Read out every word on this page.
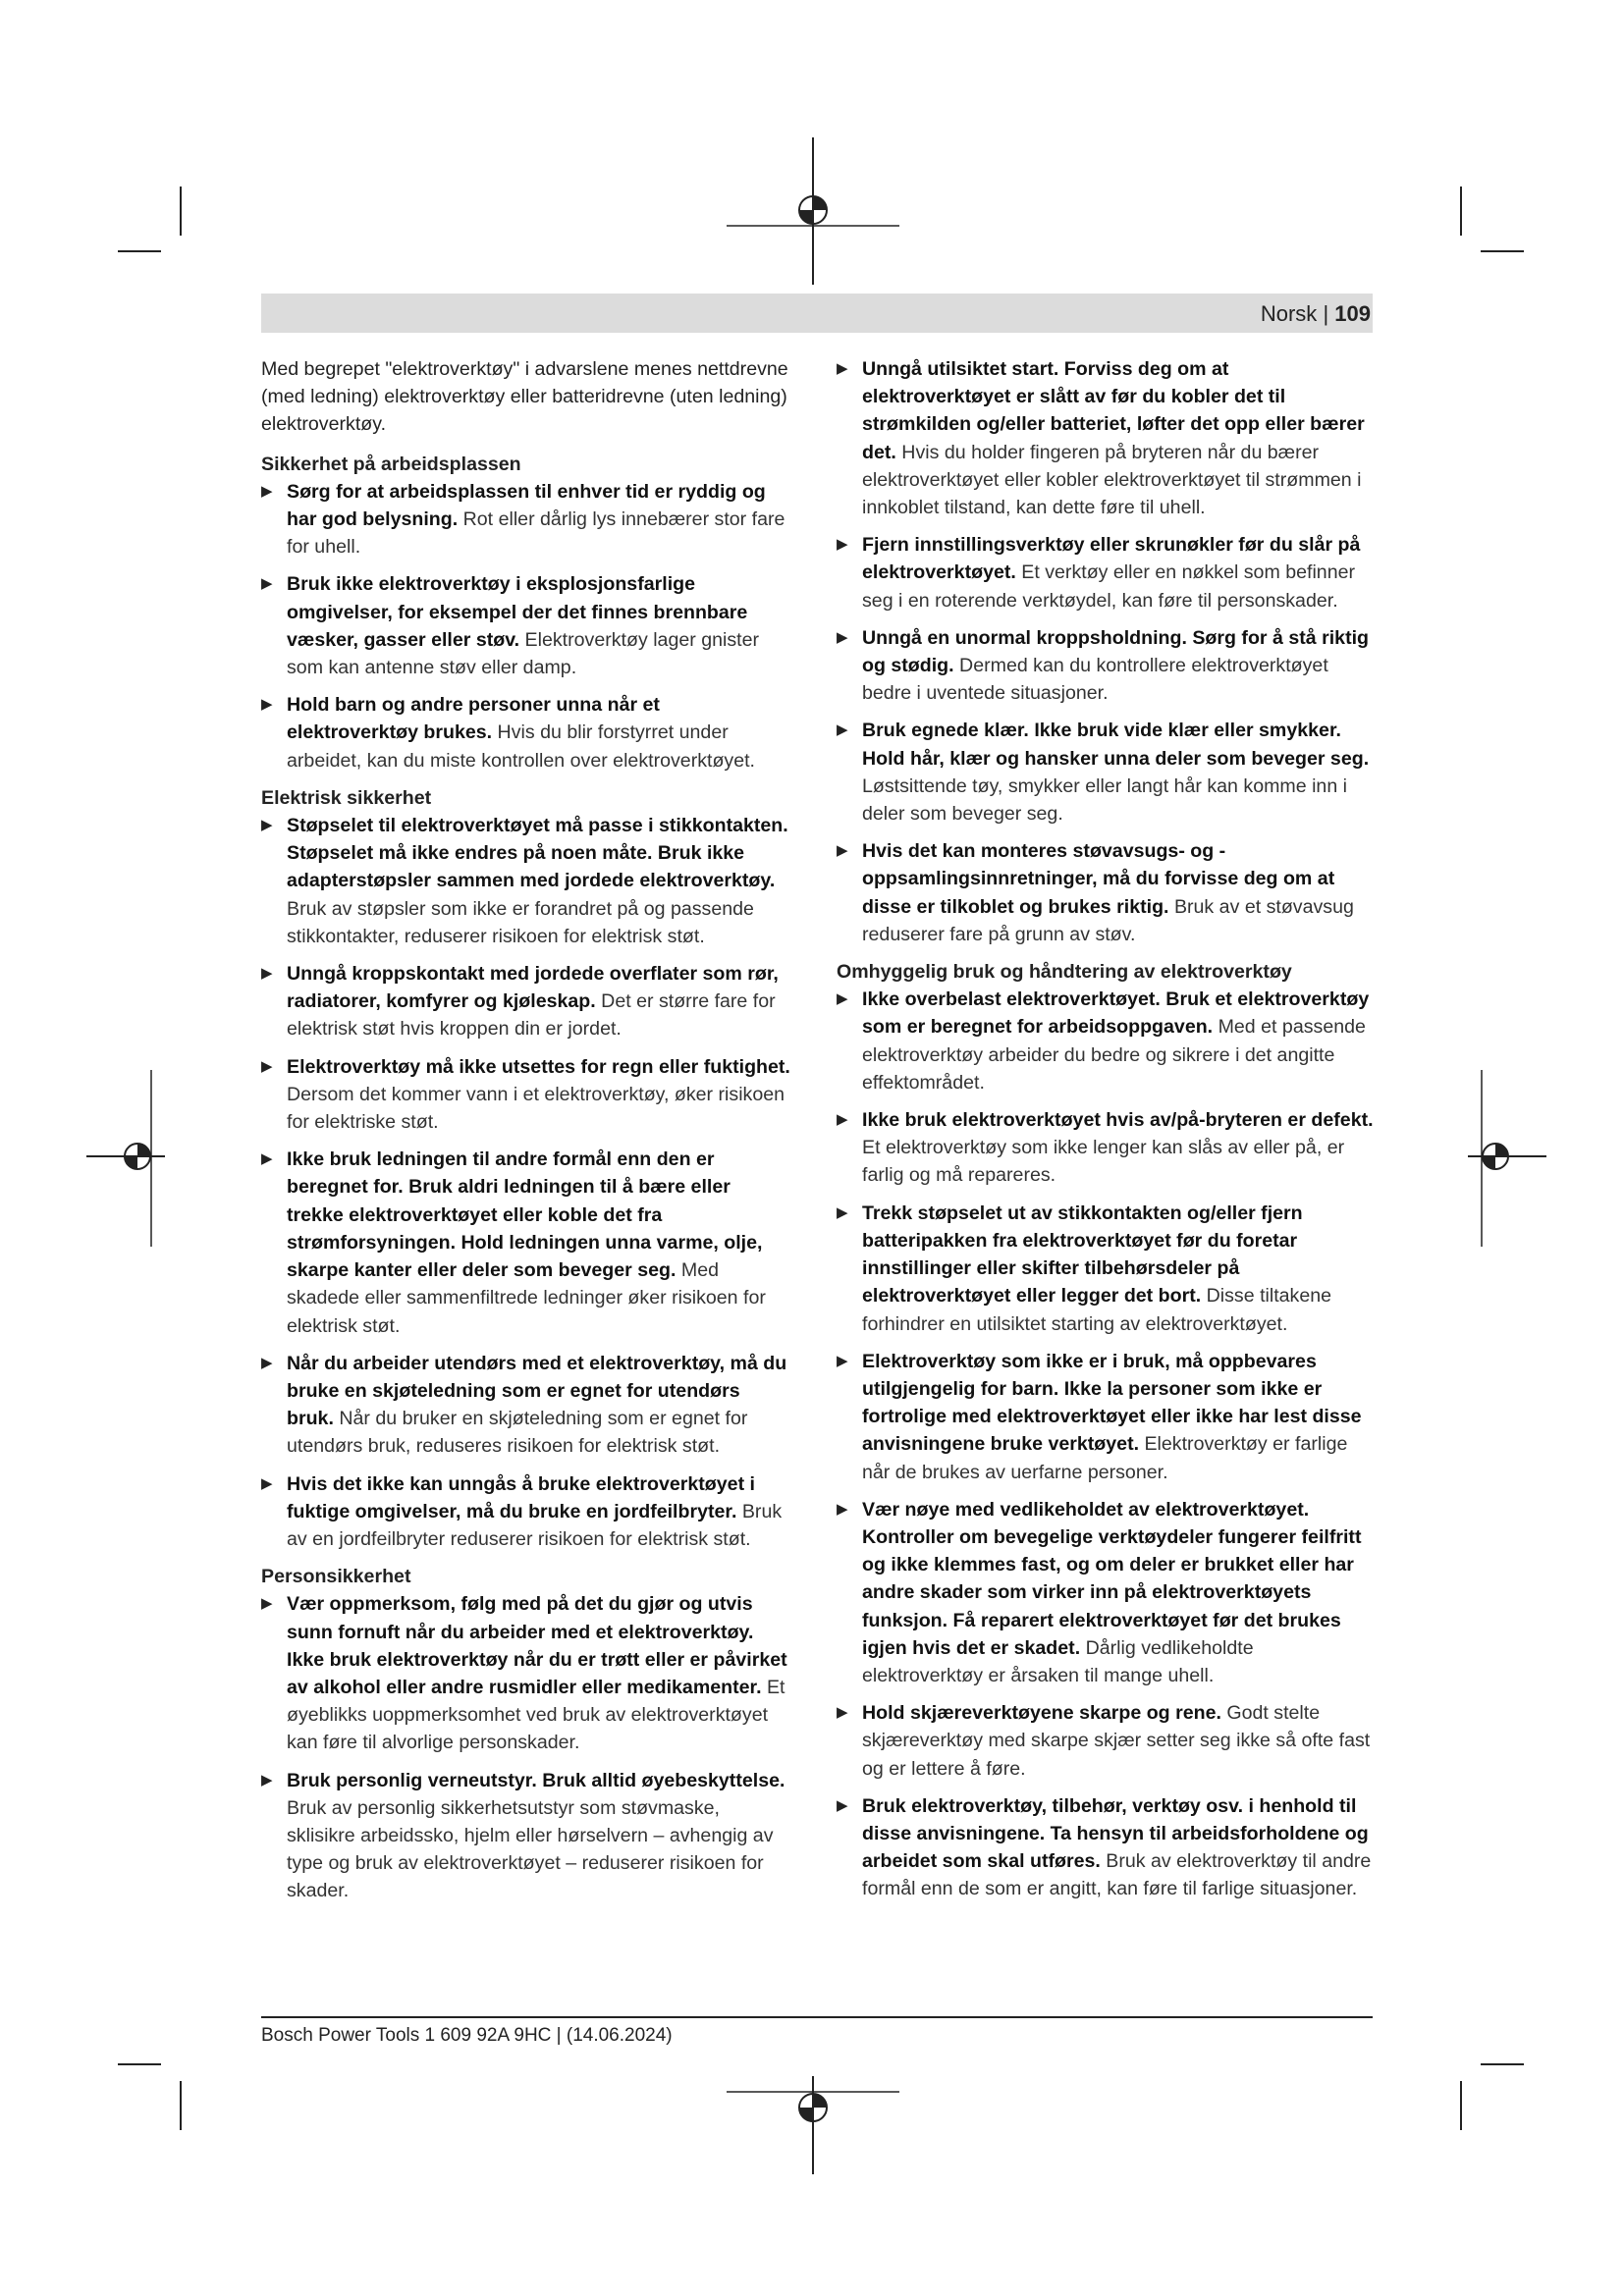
Norsk | 109

Med begrepet "elektroverktøy" i advarslene menes nettdrevne (med ledning) elektroverktøy eller batteridrevne (uten ledning) elektroverktøy.

Sikkerhet på arbeidsplassen

▶ Sørg for at arbeidsplassen til enhver tid er ryddig og har god belysning. Rot eller dårlig lys innebærer stor fare for uhell.
▶ Bruk ikke elektroverktøy i eksplosjonsfarlige omgivelser, for eksempel der det finnes brennbare væsker, gasser eller støv. Elektroverktøy lager gnister som kan antenne støv eller damp.
▶ Hold barn og andre personer unna når et elektroverktøy brukes. Hvis du blir forstyrret under arbeidet, kan du miste kontrollen over elektroverktøyet.

Elektrisk sikkerhet

▶ Støpselet til elektroverktøyet må passe i stikkontakten. Støpselet må ikke endres på noen måte. Bruk ikke adapterstøpsler sammen med jordede elektroverktøy. Bruk av støpsler som ikke er forandret på og passende stikkontakter, reduserer risikoen for elektrisk støt.
▶ Unngå kroppskontakt med jordede overflater som rør, radiatorer, komfyrer og kjøleskap. Det er større fare for elektrisk støt hvis kroppen din er jordet.
▶ Elektroverktøy må ikke utsettes for regn eller fuktighet. Dersom det kommer vann i et elektroverktøy, øker risikoen for elektriske støt.
▶ Ikke bruk ledningen til andre formål enn den er beregnet for. Bruk aldri ledningen til å bære eller trekke elektroverktøyet eller koble det fra strømforsyningen. Hold ledningen unna varme, olje, skarpe kanter eller deler som beveger seg. Med skadede eller sammenfiltrede ledninger øker risikoen for elektrisk støt.
▶ Når du arbeider utendørs med et elektroverktøy, må du bruke en skjøteledning som er egnet for utendørs bruk. Når du bruker en skjøteledning som er egnet for utendørs bruk, reduseres risikoen for elektrisk støt.
▶ Hvis det ikke kan unngås å bruke elektroverktøyet i fuktige omgivelser, må du bruke en jordfeilbryter. Bruk av en jordfeilbryter reduserer risikoen for elektrisk støt.

Personsikkerhet

▶ Vær oppmerksom, følg med på det du gjør og utvis sunn fornuft når du arbeider med et elektroverktøy. Ikke bruk elektroverktøy når du er trøtt eller er påvirket av alkohol eller andre rusmidler eller medikamenter. Et øyeblikks uoppmerksomhet ved bruk av elektroverktøyet kan føre til alvorlige personskader.
▶ Bruk personlig verneutstyr. Bruk alltid øyebeskyttelse. Bruk av personlig sikkerhetsutstyr som støvmaske, sklisikre arbeidssko, hjelm eller hørselvern – avhengig av type og bruk av elektroverktøyet – reduserer risikoen for skader.
▶ Unngå utilsiktet start. Forviss deg om at elektroverktøyet er slått av før du kobler det til strømkilden og/eller batteriet, løfter det opp eller bærer det. Hvis du holder fingeren på bryteren når du bærer elektroverktøyet eller kobler elektroverktøyet til strømmen i innkoblet tilstand, kan dette føre til uhell.
▶ Fjern innstillingsverktøy eller skrunøkler før du slår på elektroverktøyet. Et verktøy eller en nøkkel som befinner seg i en roterende verktøydel, kan føre til personskader.
▶ Unngå en unormal kroppsholdning. Sørg for å stå riktig og stødig. Dermed kan du kontrollere elektroverktøyet bedre i uventede situasjoner.
▶ Bruk egnede klær. Ikke bruk vide klær eller smykker. Hold hår, klær og hansker unna deler som beveger seg. Løstsittende tøy, smykker eller langt hår kan komme inn i deler som beveger seg.
▶ Hvis det kan monteres støvavsugs- og -oppsamlingsinnretninger, må du forvisse deg om at disse er tilkoblet og brukes riktig. Bruk av et støvavsug reduserer fare på grunn av støv.

Omhyggelig bruk og håndtering av elektroverktøy

▶ Ikke overbelast elektroverktøyet. Bruk et elektroverktøy som er beregnet for arbeidsoppgaven. Med et passende elektroverktøy arbeider du bedre og sikrere i det angitte effektområdet.
▶ Ikke bruk elektroverktøyet hvis av/på-bryteren er defekt. Et elektroverktøy som ikke lenger kan slås av eller på, er farlig og må repareres.
▶ Trekk støpselet ut av stikkontakten og/eller fjern batteripakken fra elektroverktøyet før du foretar innstillinger eller skifter tilbehørsdeler på elektroverktøyet eller legger det bort. Disse tiltakene forhindrer en utilsiktet starting av elektroverktøyet.
▶ Elektroverktøy som ikke er i bruk, må oppbevares utilgjengelig for barn. Ikke la personer som ikke er fortrolige med elektroverktøyet eller ikke har lest disse anvisningene bruke verktøyet. Elektroverktøy er farlige når de brukes av uerfarne personer.
▶ Vær nøye med vedlikeholdet av elektroverktøyet. Kontroller om bevegelige verktøydeler fungerer feilfritt og ikke klemmes fast, og om deler er brukket eller har andre skader som virker inn på elektroverktøyets funksjon. Få reparert elektroverktøyet før det brukes igjen hvis det er skadet. Dårlig vedlikeholdte elektroverktøy er årsaken til mange uhell.
▶ Hold skjæreverktøyene skarpe og rene. Godt stelte skjæreverktøy med skarpe skjær setter seg ikke så ofte fast og er lettere å føre.
▶ Bruk elektroverktøy, tilbehør, verktøy osv. i henhold til disse anvisningene. Ta hensyn til arbeidsforholdene og arbeidet som skal utføres. Bruk av elektroverktøy til andre formål enn de som er angitt, kan føre til farlige situasjoner.
Bosch Power Tools 1 609 92A 9HC | (14.06.2024)
